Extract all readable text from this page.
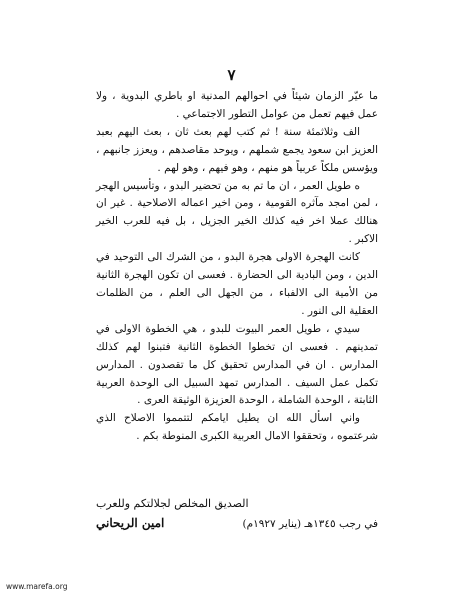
٧

ما عيّر الزمان شيئاً في احوالهم المدنية او باطري البدوية ، ولا عمل فيهم تعمل من عوامل التطور الاجتماعي .

الف وثلاثمئة سنة ! ثم كتب لهم بعث ثان ، بعث اليهم بعبد العزيز ابن سعود يجمع شملهم ، ويوحد مقاصدهم ، ويعزز جانبهم ، ويؤسس ملكاً عربياً هو منهم ، وهو فيهم ، وهو لهم .

ه طويل العمر ، ان ما تم به من تحضير البدو ، وتأسيس الهجر ، لمن امجد مآثره القومية ، ومن اخير اعماله الاصلاحية . غير ان هنالك عملا اخر فيه كذلك الخير الجزيل ، بل فيه للعرب الخير الاكبر .

كانت الهجرة الاولى هجرة البدو ، من الشرك الى التوحيد في الدين ، ومن البادية الى الحضارة . فعسى ان تكون الهجرة الثانية من الأمية الى الالفباء ، من الجهل الى العلم ، من الظلمات العقلية الى النور .

سيدي ، طويل العمر البيوت للبدو ، هي الخطوة الاولى في تمدينهم . فعسى ان تخطوا الخطوة الثانية فتبنوا لهم كذلك المدارس . ان في المدارس تحقيق كل ما تقصدون . المدارس تكمل عمل السيف . المدارس تمهد السبيل الى الوحدة العربية الثابتة ، الوحدة الشاملة ، الوحدة العزيزة الوثيقة العرى .

واني اسأل الله ان يطيل ايامكم لتتمموا الاصلاح الذي شرعتموه ، وتحققوا الامال العربية الكبرى المنوطة بكم .

الصديق المخلص لجلالتكم وللعرب
في رجب ١٣٤٥هـ (يناير ١٩٢٧م)
امين الريحاني
www.marefa.org
